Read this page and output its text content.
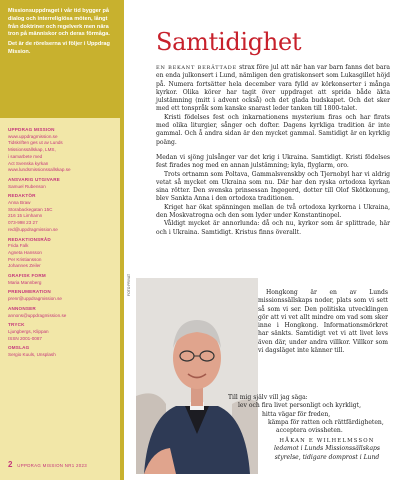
Missionsuppdraget i vår tid bygger på dialog och interreligiösa möten, långt från doktriner och regelverk men nära tron på människor och deras förmåga.

Det är de rörelserna vi följer i Uppdrag Mission.

UPPDRAG MISSION
www.uppdragmission.se
Tidskriften ges ut av Lunds
Missionssällskap, LMS,
i samarbete med
Act Svenska kyrkan
www.lundsmissionssallskap.se
ANSVARIG UTGIVARE
Samuel Rubenson
REDAKTÖR
Anna Braw
Storabackegatan 15C
216 15 Limhamn
073-998 23 27
red@uppdragmission.se
REDAKTIONSRÅD
Frida Falk
Agneta Hansson
Per Kristiansson
Johannes Zeiler
GRAFISK FORM
Maria Mannberg
PRENUMERATION
prenr@uppdragmission.se
ANNONSER
annons@uppdragmission.se
TRYCK
Ljungbergs, Klippan
ISSN 2001-0087
OMSLAG
Sergio Kuuls, Unsplash
2 UPPDRAG MISSION NR1 2023
Samtidighet

EN BEKANT BERÄTTADE strax före jul att när han var barn fanns det bara en enda julkonsert i Lund, nämligen den gratiskonsert som Lukasgillet höjd på. Numera fortsätter hela december vara fylld av körkonserter i många kyrkor. Olika körer har tagit över uppdraget att sprida både äkta julstämning (mitt i advent också) och det glada budskapet. Och det sker med ett tonspråk som kanske snarast leder tanken till 1800-talet.

Kristi födelses fest och inkarnationens mysterium firas och har firats med olika liturgier, sånger och dofter. Dagens kyrkliga tradition är inte gammal. Och å andra sidan är den mycket gammal. Samtidigt är en kyrklig poäng.

Medan vi sjöng julsånger var det krig i Ukraina. Samtidigt. Kristi födelses fest firades nog med en annan julstämning; kyla, flyglarm, oro.

Trots ortnamn som Poltava, Gammalsvenskby och Tjernobyl har vi aldrig vetat så mycket om Ukraina som nu. Där har den ryska ortodoxa kyrkan sina rötter. Den svenska prinsessan Ingegerd, dotter till Olof Skötkonung, blev Sankta Anna i den ortodoxa traditionen.

Kriget har ökat spänningen mellan de två ortodoxa kyrkorna i Ukraina, den Moskvatrogna och den som lyder under Konstantinopel.

Våldigt mycket är annorlunda: då och nu, kyrkor som är splittrade, här och i Ukraina. Samtidigt. Kristus finns överallt.

FOTO PRIVAT	Hongkong är en av Lunds missionssällskaps noder, plats som vi sett så som vi ser. Den politiska utvecklingen gör att vi vet allt mindre om vad som sker inne i Hongkong. Informationsmörkret har sänkts. Samtidigt vet vi att livet levs även där, under andra villkor. Villkor som vi dagsläget inte känner till.

Till mig själv vill jag säga:
lev och fira livet personligt och kyrkligt,
hitta vägar för freden,
kämpa för ratten och rättfärdigheten,
acceptera ovissheten.
HÅKAN E WILHELMSSON
ledamot i Lunds Missionssällskaps
styrelse, tidigare domprost i Lund
